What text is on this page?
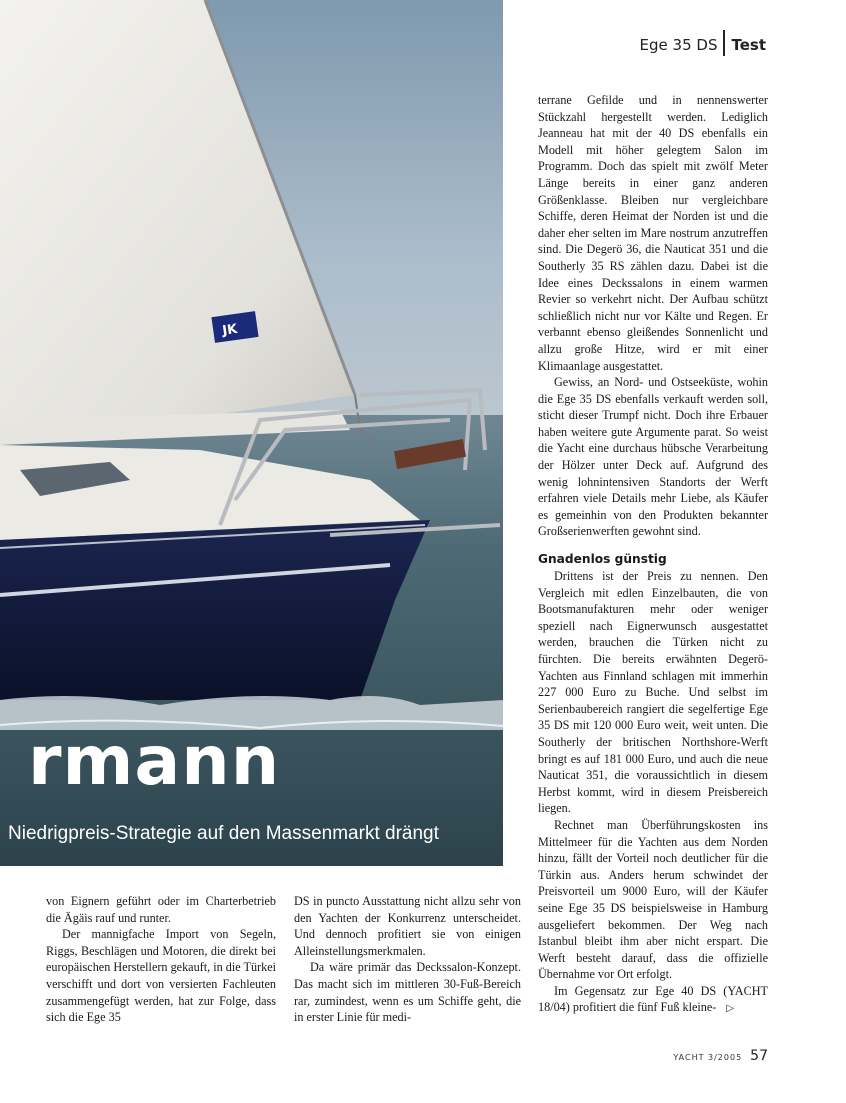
JK
rmann
Niedrigpreis-Strategie auf den Massenmarkt drängt
Ege 35 DS Test

terrane Gefilde und in nennenswerter Stückzahl hergestellt werden. Lediglich Jeanneau hat mit der 40 DS ebenfalls ein Modell mit höher gelegtem Salon im Programm. Doch das spielt mit zwölf Meter Länge bereits in einer ganz anderen Größenklasse. Bleiben nur vergleichbare Schiffe, deren Heimat der Norden ist und die daher eher selten im Mare nostrum anzutreffen sind. Die Degerö 36, die Nauticat 351 und die Southerly 35 RS zählen dazu. Dabei ist die Idee eines Deckssalons in einem warmen Revier so verkehrt nicht. Der Aufbau schützt schließlich nicht nur vor Kälte und Regen. Er verbannt ebenso gleißendes Sonnenlicht und allzu große Hitze, wird er mit einer Klimaanlage ausgestattet.

Gewiss, an Nord- und Ostseeküste, wohin die Ege 35 DS ebenfalls verkauft werden soll, sticht dieser Trumpf nicht. Doch ihre Erbauer haben weitere gute Argumente parat. So weist die Yacht eine durchaus hübsche Verarbeitung der Hölzer unter Deck auf. Aufgrund des wenig lohnintensiven Standorts der Werft erfahren viele Details mehr Liebe, als Käufer es gemeinhin von den Produkten bekannter Großserienwerften gewohnt sind.

Gnadenlos günstig

Drittens ist der Preis zu nennen. Den Vergleich mit edlen Einzelbauten, die von Bootsmanufakturen mehr oder weniger speziell nach Eignerwunsch ausgestattet werden, brauchen die Türken nicht zu fürchten. Die bereits erwähnten Degerö-Yachten aus Finnland schlagen mit immerhin 227 000 Euro zu Buche. Und selbst im Serienbaubereich rangiert die segelfertige Ege 35 DS mit 120 000 Euro weit, weit unten. Die Southerly der britischen Northshore-Werft bringt es auf 181 000 Euro, und auch die neue Nauticat 351, die voraussichtlich in diesem Herbst kommt, wird in diesem Preisbereich liegen.

Rechnet man Überführungskosten ins Mittelmeer für die Yachten aus dem Norden hinzu, fällt der Vorteil noch deutlicher für die Türkin aus. Anders herum schwindet der Preisvorteil um 9000 Euro, will der Käufer seine Ege 35 DS beispielsweise in Hamburg ausgeliefert bekommen. Der Weg nach Istanbul bleibt ihm aber nicht erspart. Die Werft besteht darauf, dass die offizielle Übernahme vor Ort erfolgt.

Im Gegensatz zur Ege 40 DS (YACHT 18/04) profitiert die fünf Fuß kleine- ▷

von Eignern geführt oder im Charterbetrieb die Ägäis rauf und runter.

Der mannigfache Import von Segeln, Riggs, Beschlägen und Motoren, die direkt bei europäischen Herstellern gekauft, in die Türkei verschifft und dort von versierten Fachleuten zusammengefügt werden, hat zur Folge, dass sich die Ege 35

DS in puncto Ausstattung nicht allzu sehr von den Yachten der Konkurrenz unterscheidet. Und dennoch profitiert sie von einigen Alleinstellungsmerkmalen.

Da wäre primär das Deckssalon-Konzept. Das macht sich im mittleren 30-Fuß-Bereich rar, zumindest, wenn es um Schiffe geht, die in erster Linie für medi-

YACHT 3/2005 57
